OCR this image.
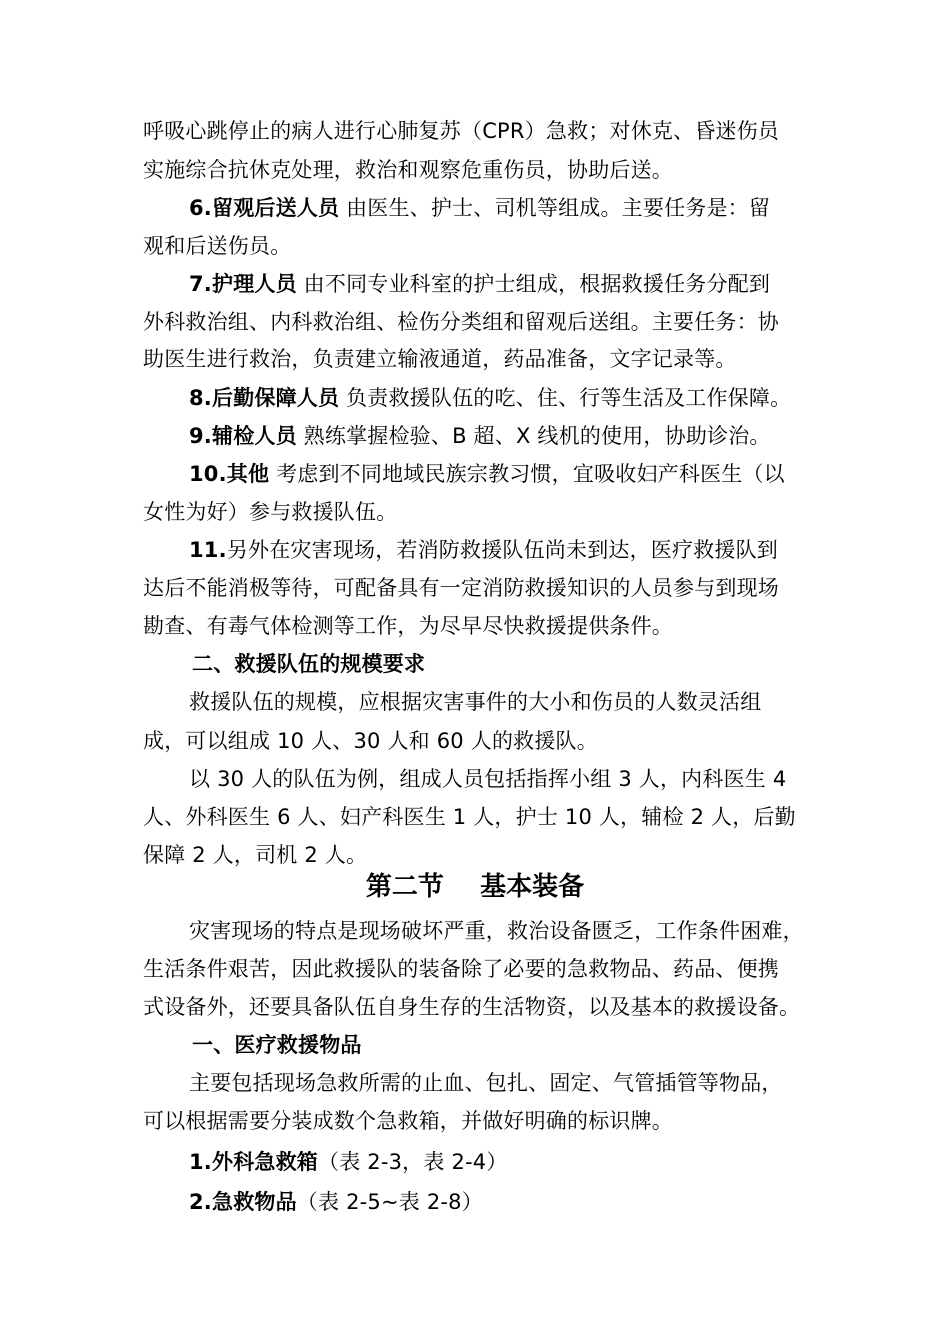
呼吸心跳停止的病人进行心肺复苏（CPR）急救；对休克、昏迷伤员
实施综合抗休克处理，救治和观察危重伤员，协助后送。
6.留观后送人员 由医生、护士、司机等组成。主要任务是：留
观和后送伤员。
7.护理人员 由不同专业科室的护士组成，根据救援任务分配到
外科救治组、内科救治组、检伤分类组和留观后送组。主要任务：协
助医生进行救治，负责建立输液通道，药品准备，文字记录等。
8.后勤保障人员 负责救援队伍的吃、住、行等生活及工作保障。
9.辅检人员 熟练掌握检验、B 超、X 线机的使用，协助诊治。
10.其他 考虑到不同地域民族宗教习惯，宜吸收妇产科医生（以
女性为好）参与救援队伍。
11.另外在灾害现场，若消防救援队伍尚未到达，医疗救援队到
达后不能消极等待，可配备具有一定消防救援知识的人员参与到现场
勘查、有毒气体检测等工作，为尽早尽快救援提供条件。
二、救援队伍的规模要求
救援队伍的规模，应根据灾害事件的大小和伤员的人数灵活组
成，可以组成 10 人、30 人和 60 人的救援队。
以 30 人的队伍为例，组成人员包括指挥小组 3 人，内科医生 4
人、外科医生 6 人、妇产科医生 1 人，护士 10 人，辅检 2 人，后勤
保障 2 人，司机 2 人。
第二节    基本装备
灾害现场的特点是现场破坏严重，救治设备匮乏，工作条件困难，
生活条件艰苦，因此救援队的装备除了必要的急救物品、药品、便携
式设备外，还要具备队伍自身生存的生活物资，以及基本的救援设备。
一、医疗救援物品
主要包括现场急救所需的止血、包扎、固定、气管插管等物品，
可以根据需要分装成数个急救箱，并做好明确的标识牌。
1.外科急救箱（表 2-3，表 2-4）
2.急救物品（表 2-5~表 2-8）
